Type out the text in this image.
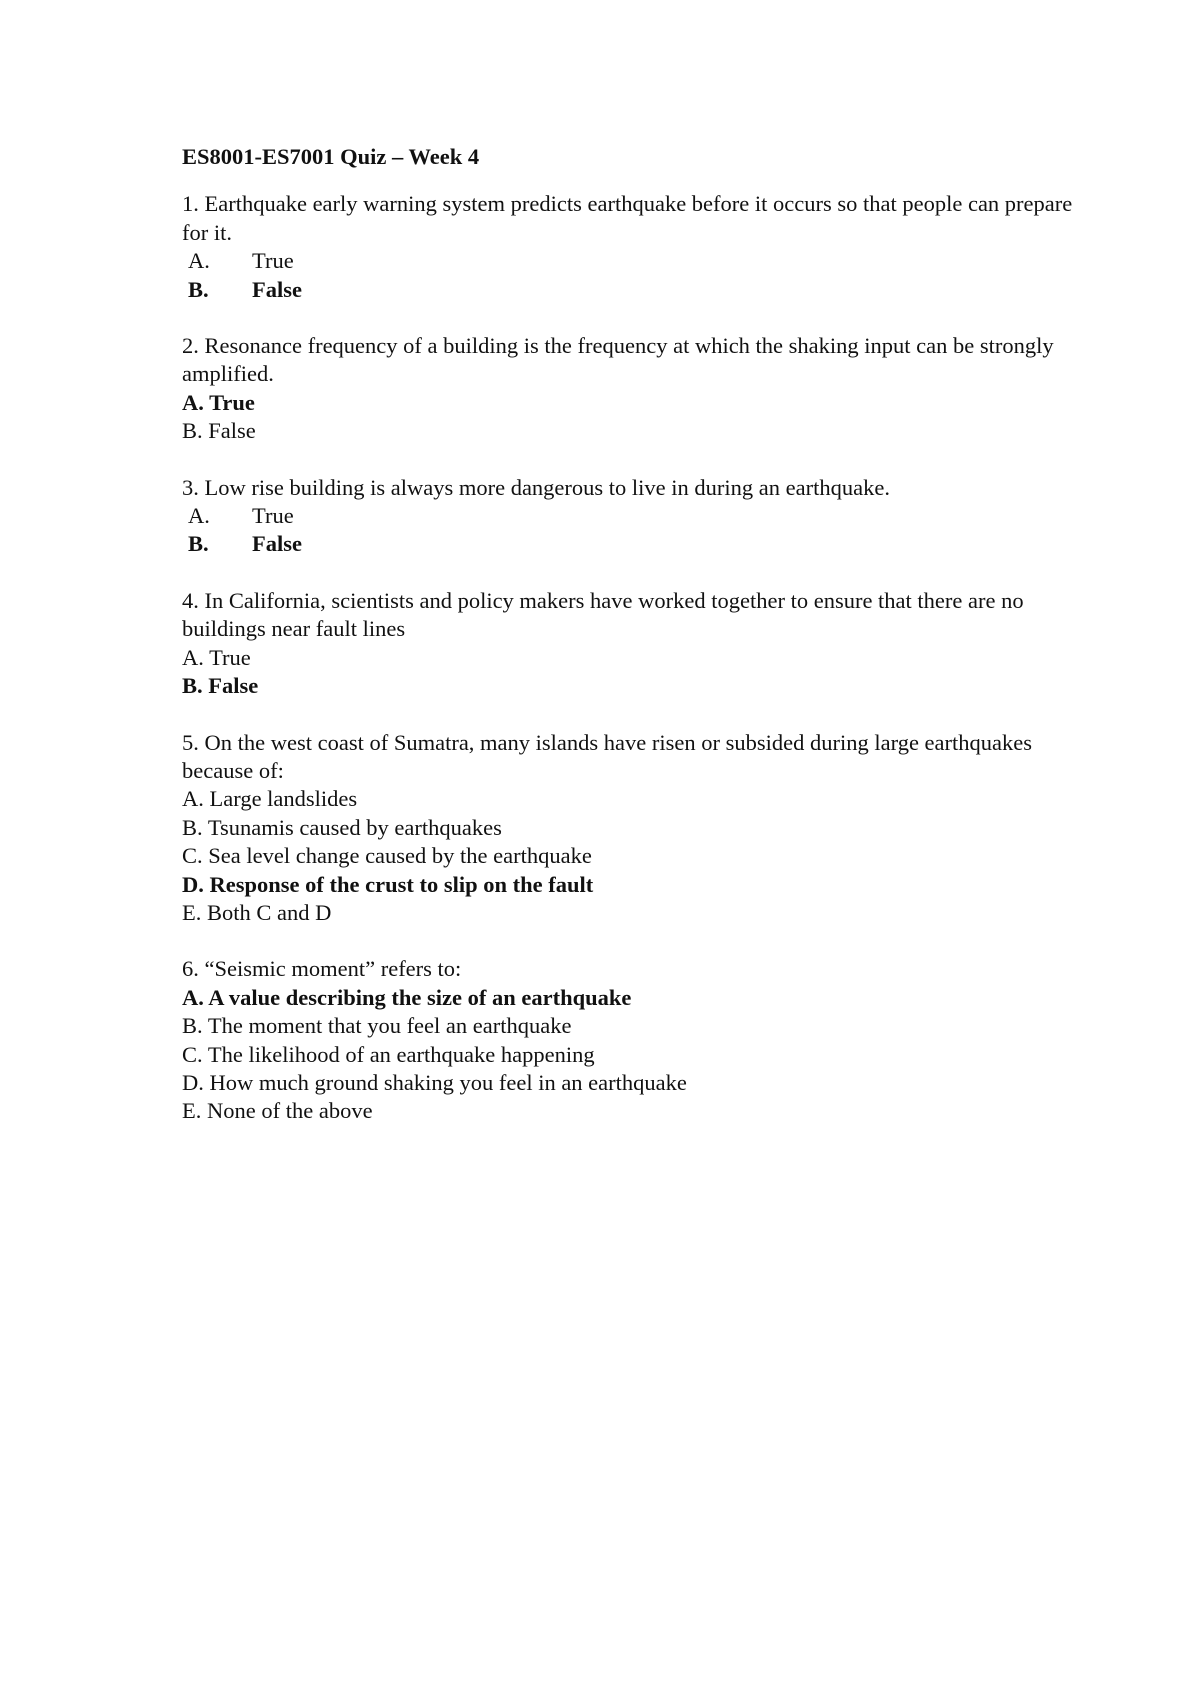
ES8001-ES7001 Quiz – Week 4

1. Earthquake early warning system predicts earthquake before it occurs so that people can prepare for it.

A. True

B. False

2. Resonance frequency of a building is the frequency at which the shaking input can be strongly amplified.

A. True

B. False

3. Low rise building is always more dangerous to live in during an earthquake.

A. True

B. False

4. In California, scientists and policy makers have worked together to ensure that there are no buildings near fault lines

A. True

B. False

5. On the west coast of Sumatra, many islands have risen or subsided during large earthquakes because of:

A. Large landslides

B. Tsunamis caused by earthquakes

C. Sea level change caused by the earthquake

D. Response of the crust to slip on the fault

E. Both C and D

6. “Seismic moment” refers to:

A. A value describing the size of an earthquake

B. The moment that you feel an earthquake

C. The likelihood of an earthquake happening

D. How much ground shaking you feel in an earthquake

E. None of the above
